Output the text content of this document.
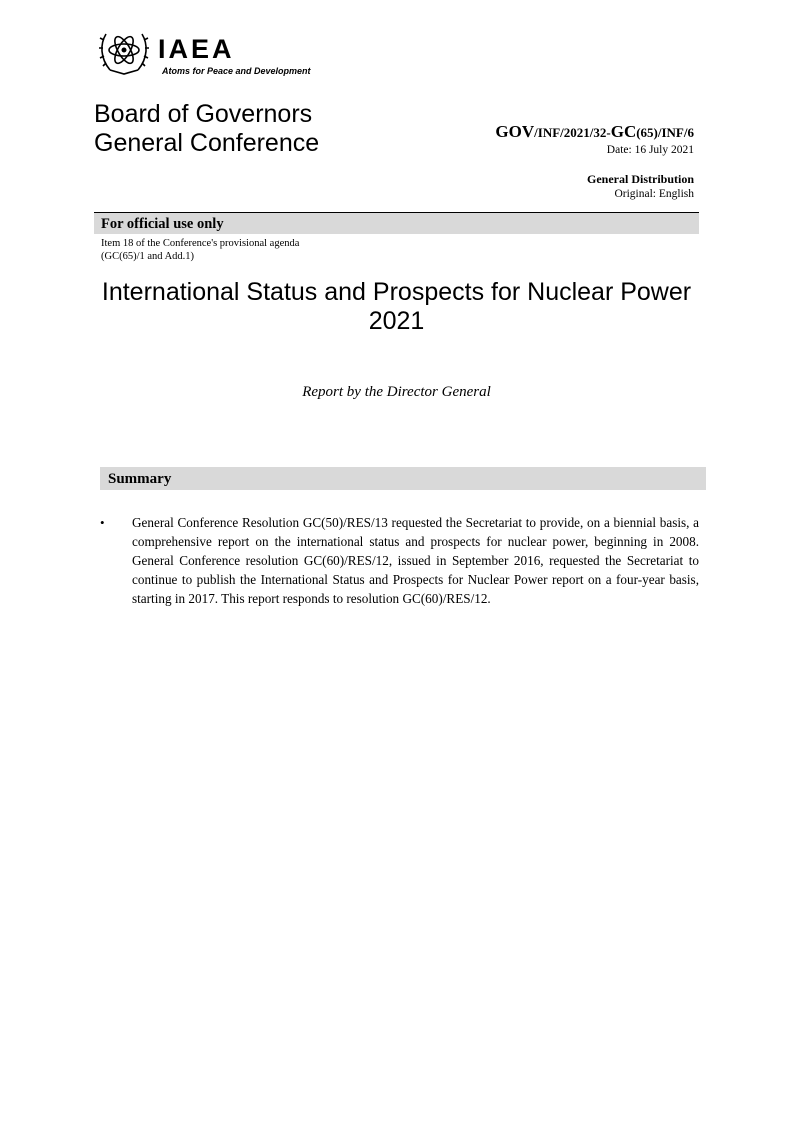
IAEA
Atoms for Peace and Development
Board of Governors
General Conference	GOV/INF/2021/32-GC(65)/INF/6
Date: 16 July 2021
General Distribution
Original: English
For official use only
Item 18 of the Conference's provisional agenda
(GC(65)/1 and Add.1)
International Status and Prospects for Nuclear Power 2021
Report by the Director General
Summary
• General Conference Resolution GC(50)/RES/13 requested the Secretariat to provide, on a biennial basis, a comprehensive report on the international status and prospects for nuclear power, beginning in 2008. General Conference resolution GC(60)/RES/12, issued in September 2016, requested the Secretariat to continue to publish the International Status and Prospects for Nuclear Power report on a four-year basis, starting in 2017. This report responds to resolution GC(60)/RES/12.
